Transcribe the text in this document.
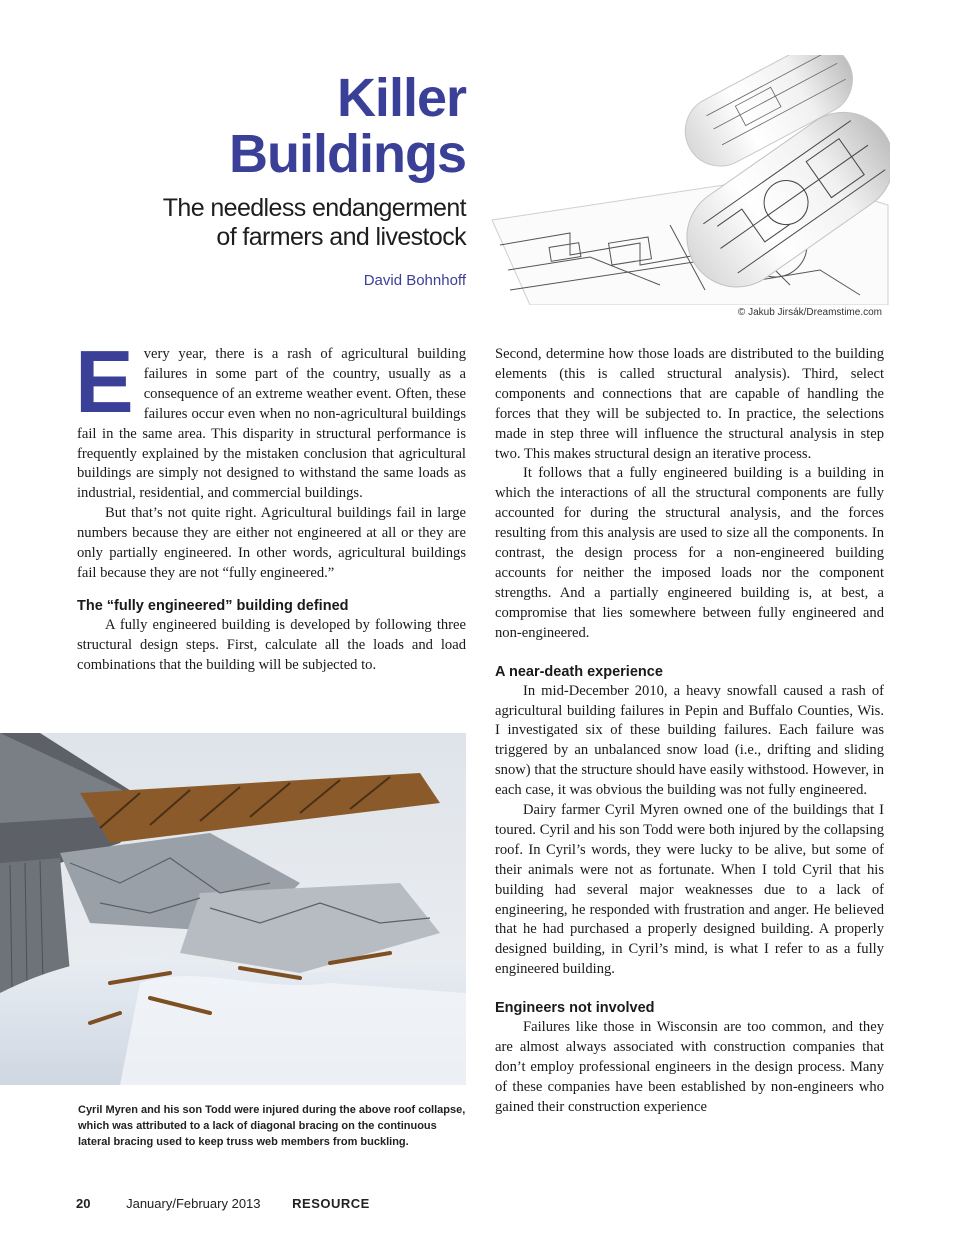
Killer
Buildings
The needless endangerment
of farmers and livestock
David Bohnhoff
© Jakub Jirsák/Dreamstime.com
E very year, there is a rash of agricultural building failures in some part of the country, usually as a consequence of an extreme weather event. Often, these failures occur even when no non-agricultural buildings fail in the same area. This disparity in structural performance is frequently explained by the mistaken conclusion that agricultural buildings are simply not designed to withstand the same loads as industrial, residential, and commercial buildings.

But that’s not quite right. Agricultural buildings fail in large numbers because they are either not engineered at all or they are only partially engineered. In other words, agricultural buildings fail because they are not “fully engineered.”

The “fully engineered” building defined

A fully engineered building is developed by following three structural design steps. First, calculate all the loads and load combinations that the building will be subjected to.

Cyril Myren and his son Todd were injured during the above roof collapse, which was attributed to a lack of diagonal bracing on the continuous lateral bracing used to keep truss web members from buckling.

Second, determine how those loads are distributed to the building elements (this is called structural analysis). Third, select components and connections that are capable of handling the forces that they will be subjected to. In practice, the selections made in step three will influence the structural analysis in step two. This makes structural design an iterative process.

It follows that a fully engineered building is a building in which the interactions of all the structural components are fully accounted for during the structural analysis, and the forces resulting from this analysis are used to size all the components. In contrast, the design process for a non-engineered building accounts for neither the imposed loads nor the component strengths. And a partially engineered building is, at best, a compromise that lies somewhere between fully engineered and non-engineered.

A near-death experience

In mid-December 2010, a heavy snowfall caused a rash of agricultural building failures in Pepin and Buffalo Counties, Wis. I investigated six of these building failures. Each failure was triggered by an unbalanced snow load (i.e., drifting and sliding snow) that the structure should have easily withstood. However, in each case, it was obvious the building was not fully engineered.

Dairy farmer Cyril Myren owned one of the buildings that I toured. Cyril and his son Todd were both injured by the collapsing roof. In Cyril’s words, they were lucky to be alive, but some of their animals were not as fortunate. When I told Cyril that his building had several major weaknesses due to a lack of engineering, he responded with frustration and anger. He believed that he had purchased a properly designed building. A properly designed building, in Cyril’s mind, is what I refer to as a fully engineered building.

Engineers not involved

Failures like those in Wisconsin are too common, and they are almost always associated with construction companies that don’t employ professional engineers in the design process. Many of these companies have been established by non-engineers who gained their construction experience

20	January/February 2013 RESOURCE
